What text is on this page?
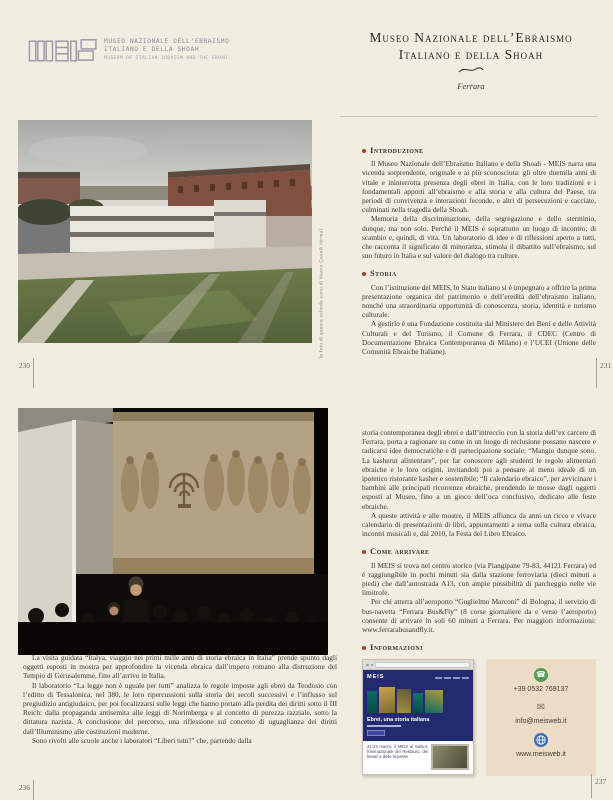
MUSEO NAZIONALE DELL'EBRAISMO
ITALIANO E DELLA SHOAH
MUSEUM OF ITALIAN JUDAISM AND THE SHOAH
Museo Nazionale dell’Ebraismo
Italiano e della Shoah
Ferrara
le foto di questa scheda sono di Marco Caselli Nirmal
230	231
Introduzione

Il Museo Nazionale dell’Ebraismo Italiano e della Shoah - MEIS narra una vicenda sorprendente, originale e ai più sconosciuta: gli oltre duemila anni di vitale e ininterrotta presenza degli ebrei in Italia, con le loro tradizioni e i fondamentali apporti all’ebraismo e alla storia e alla cultura del Paese, tra periodi di convivenza e interazioni feconde, e altri di persecuzioni e cacciate, culminati nella tragedia della Shoah.

Memoria della discriminazione, della segregazione e dello sterminio, dunque, ma non solo. Perché il MEIS è soprattutto un luogo di incontro, di scambio e, quindi, di vita. Un laboratorio di idee e di riflessioni aperto a tutti, che racconta il significato di minoranza, stimola il dibattito sull’ebraismo, sul suo futuro in Italia e sul valore del dialogo tra culture.

Storia

Con l’istituzione del MEIS, lo Stato italiano si è impegnato a offrire la prima presentazione organica del patrimonio e dell’eredità dell’ebraismo italiano, nonché una straordinaria opportunità di conoscenza, storia, identità e turismo culturale.

A gestirlo è una Fondazione costituita dal Ministero dei Beni e delle Attività Culturali e del Turismo, il Comune di Ferrara, il CDEC (Centro di Documentazione Ebraica Contemporanea di Milano) e l’UCEI (Unione delle Comunità Ebraiche Italiane).

La visita guidata “Italya, viaggio nei primi mille anni di storia ebraica in Italia” prende spunto dagli oggetti esposti in mostra per approfondire la vicenda ebraica dall’impero romano alla distruzione del Tempio di Gerusalemme, fino all’arrivo in Italia.

Il laboratorio “La legge non è uguale per tutti” analizza le regole imposte agli ebrei da Teodosio con l’editto di Tessalonica, nel 380, le loro ripercussioni sulla storia dei secoli successivi e l’influsso sul pregiudizio antigiudaico, per poi focalizzarsi sulle leggi che hanno portato alla perdita dei diritti sotto il III Reich: dalla propaganda antisemita alle leggi di Norimberga e al concetto di purezza razziale, sotto la dittatura nazista. A conclusione del percorso, una riflessione sul concetto di uguaglianza dei diritti dall’Illuminismo alle costituzioni moderne.

Sono rivolti alle scuole anche i laboratori “Liberi tutti!” che, partendo dalla

storia contemporanea degli ebrei e dall’intreccio con la storia dell’ex carcere di Ferrara, porta a ragionare su come in un luogo di reclusione possano nascere e radicarsi idee democratiche e di partecipazione sociale; “Mangio dunque sono. La kasherut alimentare”, per far conoscere agli studenti le regole alimentari ebraiche e le loro origini, invitandoli poi a pensare al menu ideale di un ipotetico ristorante kasher e sostenibile; “Il calendario ebraico”, per avvicinare i bambini alle principali ricorrenze ebraiche, prendendo le mosse dagli oggetti esposti al Museo, fino a un gioco dell’oca conclusivo, dedicato alle feste ebraiche.

A queste attività e alle mostre, il MEIS affianca da anni un ricco e vivace calendario di presentazioni di libri, appuntamenti a tema sulla cultura ebraica, incontri musicali e, dal 2010, la Festa del Libro Ebraico.

Come arrivare

Il MEIS si trova nel centro storico (via Piangipane 79-83, 44121 Ferrara) ed è raggiungibile in pochi minuti sia dalla stazione ferroviaria (dieci minuti a piedi) che dall’autostrada A13, con ampie possibilità di parcheggio nelle vie limitrofe.

Per chi atterra all’aeroporto “Guglielmo Marconi” di Bologna, il servizio di bus-navetta “Ferrara Bus&Fly” (8 corse giornaliere da e verso l’aeroporto) consente di arrivare in soli 60 minuti a Ferrara. Per maggiori informazioni: www.ferrarabusandfly.it.

Informazioni
MEIS
Ebrei, una storia italiana
21-23 marzo, il MEIS al Salone Internazionale del Restauro, dei Musei e delle Imprese
☎
+39 0532 769137
✉
info@meisweb.it
www.meisweb.it
236
237
